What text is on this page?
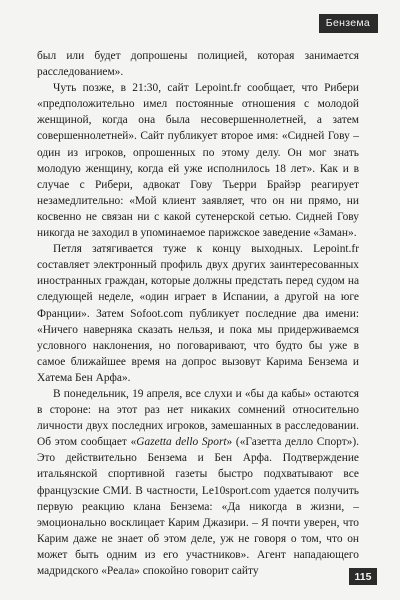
Бензема

был или будет допрошены полицией, которая занимается расследованием».

Чуть позже, в 21:30, сайт Lepoint.fr сообщает, что Рибери «предположительно имел постоянные отношения с молодой женщиной, когда она была несовершеннолетней, а затем совершеннолетней». Сайт публикует второе имя: «Сидней Гову – один из игроков, опрошенных по этому делу. Он мог знать молодую женщину, когда ей уже исполнилось 18 лет». Как и в случае с Рибери, адвокат Гову Тьерри Брайэр реагирует незамедлительно: «Мой клиент заявляет, что он ни прямо, ни косвенно не связан ни с какой сутенерской сетью. Сидней Гову никогда не заходил в упоминаемое парижское заведение «Заман».

Петля затягивается туже к концу выходных. Lepoint.fr составляет электронный профиль двух других заинтересованных иностранных граждан, которые должны предстать перед судом на следующей неделе, «один играет в Испании, а другой на юге Франции». Затем Sofoot.com публикует последние два имени: «Ничего наверняка сказать нельзя, и пока мы придерживаемся условного наклонения, но поговаривают, что будто бы уже в самое ближайшее время на допрос вызовут Карима Бензема и Хатема Бен Арфа».

В понедельник, 19 апреля, все слухи и «бы да кабы» остаются в стороне: на этот раз нет никаких сомнений относительно личности двух последних игроков, замешанных в расследовании. Об этом сообщает «Gazetta dello Sport» («Газетта делло Спорт»). Это действительно Бензема и Бен Арфа. Подтверждение итальянской спортивной газеты быстро подхватывают все французские СМИ. В частности, Le10sport.com удается получить первую реакцию клана Бензема: «Да никогда в жизни, – эмоционально восклицает Карим Джазири. – Я почти уверен, что Карим даже не знает об этом деле, уж не говоря о том, что он может быть одним из его участников». Агент нападающего мадридского «Реала» спокойно говорит сайту	115
